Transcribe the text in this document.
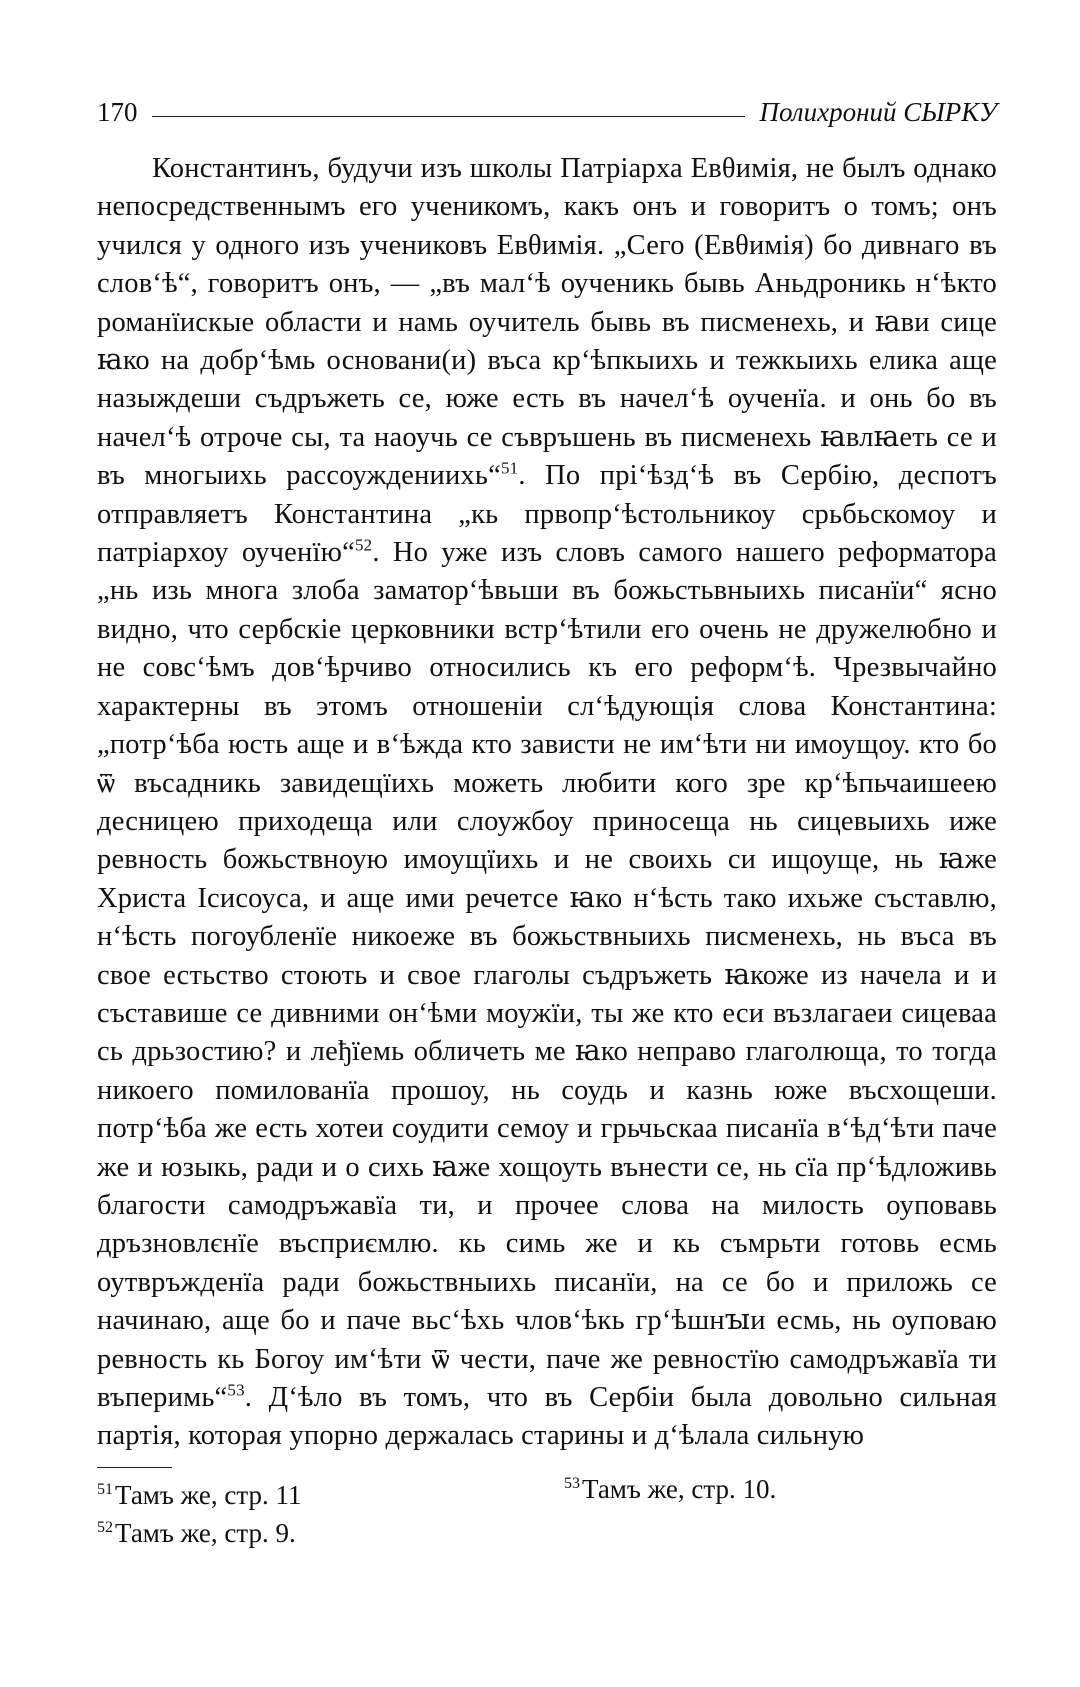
170	Полихроний СЫРКУ

Константинъ, будучи изъ школы Патріарха Евθимія, не былъ однако непосредственнымъ его ученикомъ, какъ онъ и говоритъ о томъ; онъ учился у одного изъ учениковъ Евθимія. „Сего (Евθимія) бо дивнаго въ слов‘ѣ“, говоритъ онъ, — „въ мал‘ѣ оученикь бывь Аньдроникь н‘ѣкто романїискые области и намь оучитель бывь въ писменехь, и ꙗви сице ꙗко на добр‘ѣмь основани(и) въса кр‘ѣпкыихь и тежкыихь елика аще назыждеши съдръжеть се, юже есть въ начел‘ѣ оученїа. и онь бо въ начел‘ѣ отроче сы, та наоучь се съвръшень въ писменехь ꙗвлꙗеть се и въ многыихь рассоуждениихь“$^{51}$. По прі‘ѣзд‘ѣ въ Сербію, деспотъ отправляетъ Константина „кь првопр‘ѣстольникоу срьбьскомоу и патріархоу оученїю“$^{52}$. Но уже изъ словъ самого нашего реформатора „нь изь многа злоба заматор‘ѣвьши въ божьстьвныихь писанїи“ ясно видно, что сербскіе церковники встр‘ѣтили его очень не дружелюбно и не совс‘ѣмъ дов‘ѣрчиво относились къ его реформ‘ѣ. Чрезвычайно характерны въ этомъ отношеніи сл‘ѣдующія слова Константина: „потр‘ѣба юсть аще и в‘ѣжда кто зависти не им‘ѣти ни имоущоу. кто бо ѿ въсадникь завидещїихь можеть любити кого зре кр‘ѣпьчаишеею десницею приходеща или слоужбоу приносеща нь сицевыихь иже ревность божьствноую имоущїихь и не своихь си ищоуще, нь ꙗже Христа Ісисоуса, и аще ими речетсе ꙗко н‘ѣсть тако ихьже съставлю, н‘ѣсть погоубленїе никоеже въ божьствныихь писменехь, нь въса въ свое естьство стоють и свое глаголы съдръжеть ꙗкоже из начела и и съставише се дивними он‘ѣми моужїи, ты же кто еси възлагаеи сицеваа сь дрьзостию? и леђїемь обличеть ме ꙗко неправо глаголюща, то тогда никоего помилованїа прошоу, нь соудь и казнь юже въсхощеши. потр‘ѣба же есть хотеи соудити семоу и грьчьскаа писанїа в‘ѣд‘ѣти паче же и юзыкь, ради и о сихь ꙗже хощоуть вънести се, нь сїа пр‘ѣдложивь благости самодръжавїа ти, и прочее слова на милость оуповавь дръзновлєнїе въсприємлю. кь симь же и кь съмрьти готовь есмь оутвръжденїа ради божьствныихь писанїи, на се бо и приложь се начинаю, аще бо и паче вьс‘ѣхь члов‘ѣкь гр‘ѣшнꙑи есмь, нь оуповаю ревность кь Богоу им‘ѣти ѿ чести, паче же ревностїю самодръжавїа ти въперимь“$^{53}$. Д‘ѣло въ томъ, что въ Сербіи была довольно сильная партія, которая упорно держалась старины и д‘ѣлала сильную

$^{51}$Тамъ же, стр. 11
$^{52}$Тамъ же, стр. 9.
$^{53}$Тамъ же, стр. 10.
